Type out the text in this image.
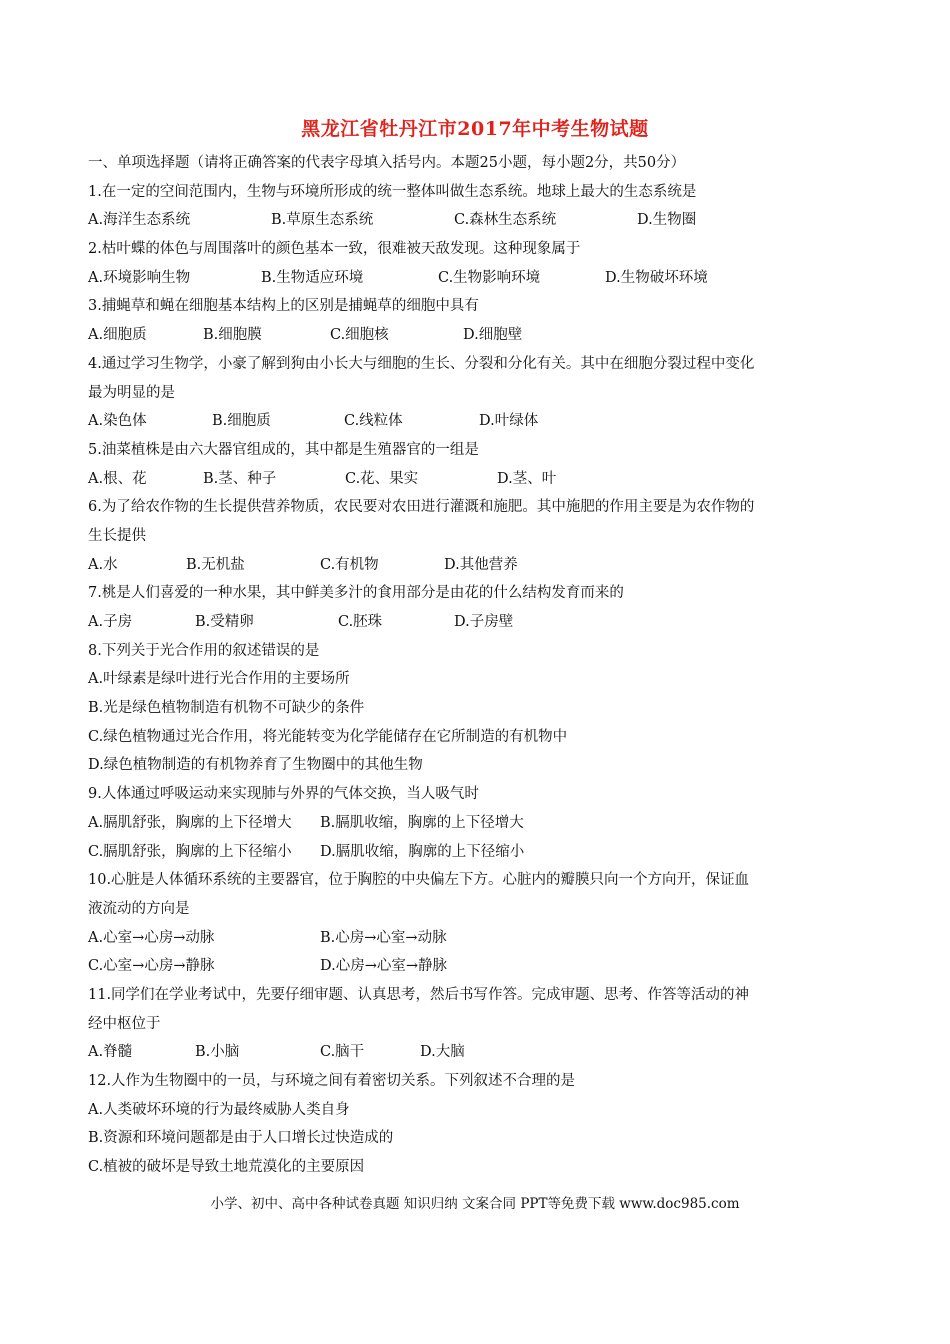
黑龙江省牡丹江市2017年中考生物试题
一、单项选择题（请将正确答案的代表字母填入括号内。本题25小题，每小题2分，共50分）
1.在一定的空间范围内，生物与环境所形成的统一整体叫做生态系统。地球上最大的生态系统是
A.海洋生态系统	B.草原生态系统	C.森林生态系统	D.生物圈
2.枯叶蝶的体色与周围落叶的颜色基本一致，很难被天敌发现。这种现象属于
A.环境影响生物	B.生物适应环境	C.生物影响环境	D.生物破坏环境
3.捕蝇草和蝇在细胞基本结构上的区别是捕蝇草的细胞中具有
A.细胞质	B.细胞膜	C.细胞核	D.细胞壁
4.通过学习生物学，小豪了解到狗由小长大与细胞的生长、分裂和分化有关。其中在细胞分裂过程中变化
最为明显的是
A.染色体	B.细胞质	C.线粒体	D.叶绿体
5.油菜植株是由六大器官组成的，其中都是生殖器官的一组是
A.根、花	B.茎、种子	C.花、果实	D.茎、叶
6.为了给农作物的生长提供营养物质，农民要对农田进行灌溉和施肥。其中施肥的作用主要是为农作物的
生长提供
A.水	B.无机盐	C.有机物	D.其他营养
7.桃是人们喜爱的一种水果，其中鲜美多汁的食用部分是由花的什么结构发育而来的
A.子房	B.受精卵	C.胚珠	D.子房壁
8.下列关于光合作用的叙述错误的是
A.叶绿素是绿叶进行光合作用的主要场所
B.光是绿色植物制造有机物不可缺少的条件
C.绿色植物通过光合作用，将光能转变为化学能储存在它所制造的有机物中
D.绿色植物制造的有机物养育了生物圈中的其他生物
9.人体通过呼吸运动来实现肺与外界的气体交换，当人吸气时
A.膈肌舒张，胸廓的上下径增大	B.膈肌收缩，胸廓的上下径增大
C.膈肌舒张，胸廓的上下径缩小	D.膈肌收缩，胸廓的上下径缩小
10.心脏是人体循环系统的主要器官，位于胸腔的中央偏左下方。心脏内的瓣膜只向一个方向开，保证血
液流动的方向是
A.心室→心房→动脉	B.心房→心室→动脉
C.心室→心房→静脉	D.心房→心室→静脉
11.同学们在学业考试中，先要仔细审题、认真思考，然后书写作答。完成审题、思考、作答等活动的神
经中枢位于
A.脊髓	B.小脑	C.脑干	D.大脑
12.人作为生物圈中的一员，与环境之间有着密切关系。下列叙述不合理的是
A.人类破坏环境的行为最终威胁人类自身
B.资源和环境问题都是由于人口增长过快造成的
C.植被的破坏是导致土地荒漠化的主要原因
小学、初中、高中各种试卷真题 知识归纳 文案合同 PPT等免费下载 www.doc985.com
